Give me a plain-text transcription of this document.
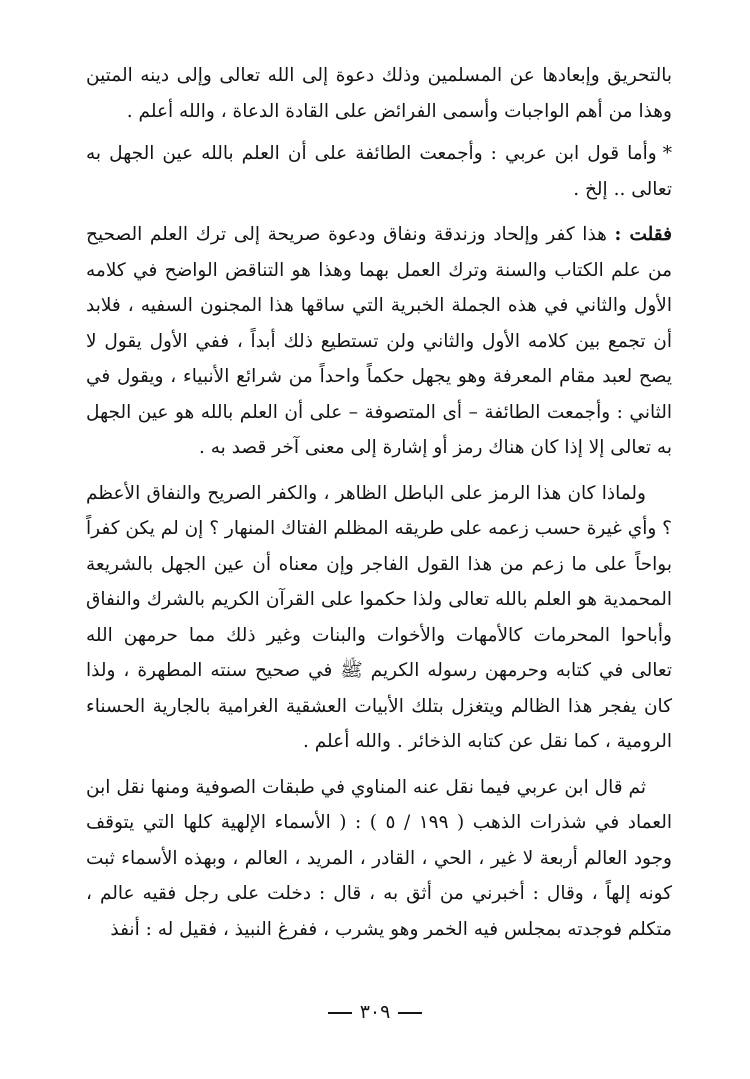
بالتحريق وإبعادها عن المسلمين وذلك دعوة إلى الله تعالى وإلى دينه المتين وهذا من أهم الواجبات وأسمى الفرائض على القادة الدعاة ، والله أعلم .

*وأما قول ابن عربي : وأجمعت الطائفة على أن العلم بالله عين الجهل به تعالى .. إلخ .

فقلت : هذا كفر وإلحاد وزندقة ونفاق ودعوة صريحة إلى ترك العلم الصحيح من علم الكتاب والسنة وترك العمل بهما وهذا هو التناقض الواضح في كلامه الأول والثاني في هذه الجملة الخبرية التي ساقها هذا المجنون السفيه ، فلابد أن تجمع بين كلامه الأول والثاني ولن تستطيع ذلك أبداً ، ففي الأول يقول لا يصح لعبد مقام المعرفة وهو يجهل حكماً واحداً من شرائع الأنبياء ، ويقول في الثاني : وأجمعت الطائفة – أى المتصوفة – على أن العلم بالله هو عين الجهل به تعالى إلا إذا كان هناك رمز أو إشارة إلى معنى آخر قصد به .

ولماذا كان هذا الرمز على الباطل الظاهر ، والكفر الصريح والنفاق الأعظم ؟ وأي غيرة حسب زعمه على طريقه المظلم الفتاك المنهار ؟ إن لم يكن كفراً بواحاً على ما زعم من هذا القول الفاجر وإن معناه أن عين الجهل بالشريعة المحمدية هو العلم بالله تعالى ولذا حكموا على القرآن الكريم بالشرك والنفاق وأباحوا المحرمات كالأمهات والأخوات والبنات وغير ذلك مما حرمهن الله تعالى في كتابه وحرمهن رسوله الكريم ﷺ في صحيح سنته المطهرة ، ولذا كان يفجر هذا الظالم ويتغزل بتلك الأبيات العشقية الغرامية بالجارية الحسناء الرومية ، كما نقل عن كتابه الذخائر . والله أعلم .

ثم قال ابن عربي فيما نقل عنه المناوي في طبقات الصوفية ومنها نقل ابن العماد في شذرات الذهب ( ١٩٩ / ٥ ) : ( الأسماء الإلهية كلها التي يتوقف وجود العالم أربعة لا غير ، الحي ، القادر ، المريد ، العالم ، وبهذه الأسماء ثبت كونه إلهاً ، وقال : أخبرني من أثق به ، قال : دخلت على رجل فقيه عالم ، متكلم فوجدته بمجلس فيه الخمر وهو يشرب ، ففرغ النبيذ ، فقيل له : أنفذ

٣٠٩
